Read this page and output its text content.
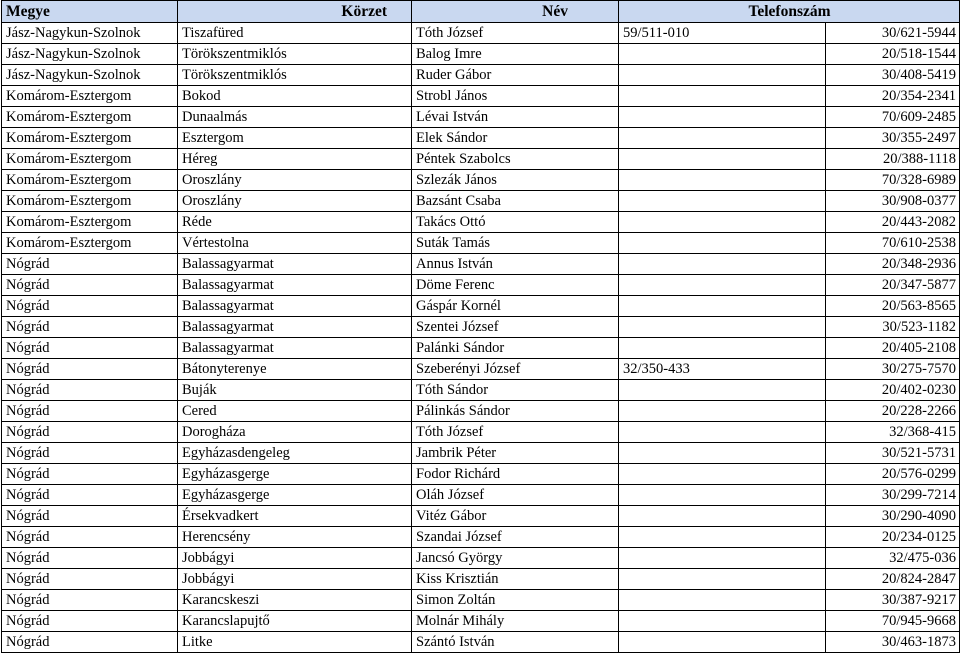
Megye	Körzet	Név	Telefonszám	
Jász-Nagykun-Szolnok	Tiszafüred	Tóth József	59/511-010	30/621-5944
Jász-Nagykun-Szolnok	Törökszentmiklós	Balog Imre		20/518-1544
Jász-Nagykun-Szolnok	Törökszentmiklós	Ruder Gábor		30/408-5419
Komárom-Esztergom	Bokod	Strobl János		20/354-2341
Komárom-Esztergom	Dunaalmás	Lévai István		70/609-2485
Komárom-Esztergom	Esztergom	Elek Sándor		30/355-2497
Komárom-Esztergom	Héreg	Péntek Szabolcs		20/388-1118
Komárom-Esztergom	Oroszlány	Szlezák János		70/328-6989
Komárom-Esztergom	Oroszlány	Bazsánt Csaba		30/908-0377
Komárom-Esztergom	Réde	Takács Ottó		20/443-2082
Komárom-Esztergom	Vértestolna	Suták Tamás		70/610-2538
Nógrád	Balassagyarmat	Annus István		20/348-2936
Nógrád	Balassagyarmat	Döme Ferenc		20/347-5877
Nógrád	Balassagyarmat	Gáspár Kornél		20/563-8565
Nógrád	Balassagyarmat	Szentei József		30/523-1182
Nógrád	Balassagyarmat	Palánki Sándor		20/405-2108
Nógrád	Bátonyterenye	Szeberényi József	32/350-433	30/275-7570
Nógrád	Buják	Tóth Sándor		20/402-0230
Nógrád	Cered	Pálinkás Sándor		20/228-2266
Nógrád	Dorogháza	Tóth József		32/368-415
Nógrád	Egyházasdengeleg	Jambrik Péter		30/521-5731
Nógrád	Egyházasgerge	Fodor Richárd		20/576-0299
Nógrád	Egyházasgerge	Oláh József		30/299-7214
Nógrád	Érsekvadkert	Vitéz Gábor		30/290-4090
Nógrád	Herencsény	Szandai József		20/234-0125
Nógrád	Jobbágyi	Jancsó György		32/475-036
Nógrád	Jobbágyi	Kiss Krisztián		20/824-2847
Nógrád	Karancskeszi	Simon Zoltán		30/387-9217
Nógrád	Karancslapujtő	Molnár Mihály		70/945-9668
Nógrád	Litke	Szántó István		30/463-1873
